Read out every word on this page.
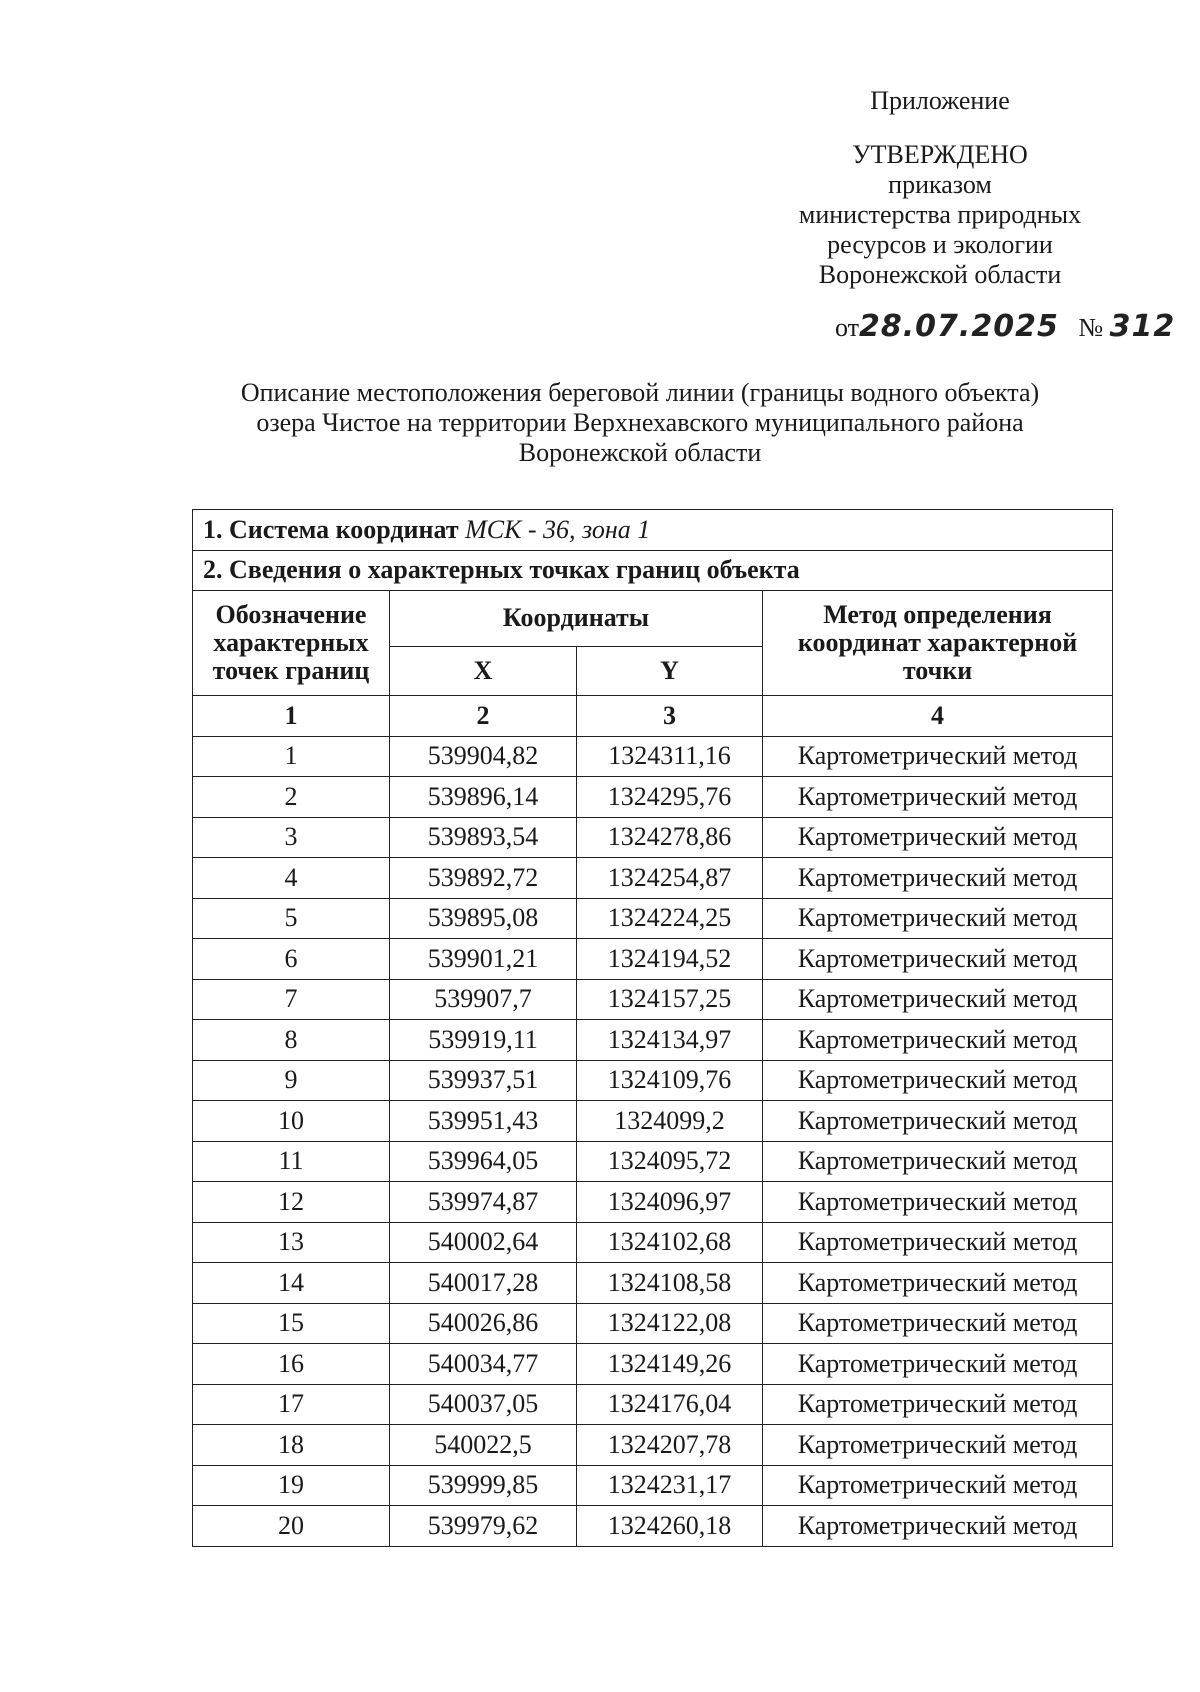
Приложение
УТВЕРЖДЕНО
приказом
министерства природных
ресурсов и экологии
Воронежской области
от28.07.2025 № 312
Описание местоположения береговой линии (границы водного объекта)
озера Чистое на территории Верхнехавского муниципального района
Воронежской области
1. Система координат МСК - 36, зона 1			
2. Сведения о характерных точках границ объекта			
Обозначение характерных точек границ	Координаты		Метод определения координат характерной точки
	X	Y	
1	2	3	4
1	539904,82	1324311,16	Картометрический метод
2	539896,14	1324295,76	Картометрический метод
3	539893,54	1324278,86	Картометрический метод
4	539892,72	1324254,87	Картометрический метод
5	539895,08	1324224,25	Картометрический метод
6	539901,21	1324194,52	Картометрический метод
7	539907,7	1324157,25	Картометрический метод
8	539919,11	1324134,97	Картометрический метод
9	539937,51	1324109,76	Картометрический метод
10	539951,43	1324099,2	Картометрический метод
11	539964,05	1324095,72	Картометрический метод
12	539974,87	1324096,97	Картометрический метод
13	540002,64	1324102,68	Картометрический метод
14	540017,28	1324108,58	Картометрический метод
15	540026,86	1324122,08	Картометрический метод
16	540034,77	1324149,26	Картометрический метод
17	540037,05	1324176,04	Картометрический метод
18	540022,5	1324207,78	Картометрический метод
19	539999,85	1324231,17	Картометрический метод
20	539979,62	1324260,18	Картометрический метод
